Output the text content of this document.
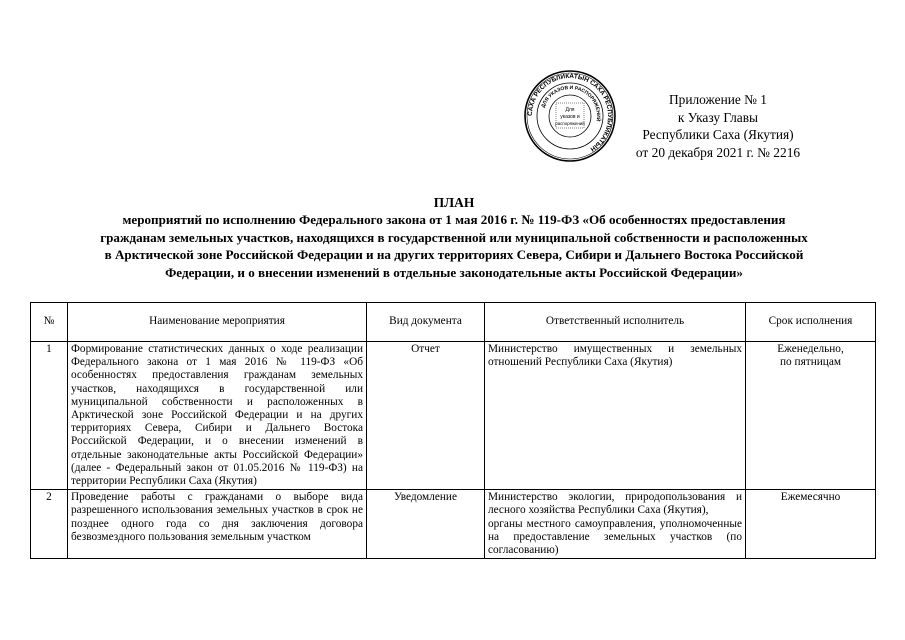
САХА РЕСПУБЛИКАТЫН САХА РЕСПУБЛИКАТЫН
ДЛЯ УКАЗОВ И РАСПОРЯЖЕНИЙ
Для
указов и
распоряжений
Приложение № 1
к Указу Главы
Республики Саха (Якутия)
от 20 декабря 2021 г. № 2216
ПЛАН
мероприятий по исполнению Федерального закона от 1 мая 2016 г. № 119-ФЗ «Об особенностях предоставления
гражданам земельных участков, находящихся в государственной или муниципальной собственности и расположенных
в Арктической зоне Российской Федерации и на других территориях Севера, Сибири и Дальнего Востока Российской
Федерации, и о внесении изменений в отдельные законодательные акты Российской Федерации»
№	Наименование мероприятия	Вид документа	Ответственный исполнитель	Срок исполнения
1	Формирование статистических данных о ходе реализации Федерального закона от 1 мая 2016 № 119-ФЗ «Об особенностях предоставления гражданам земельных участков, находящихся в государственной или муниципальной собственности и расположенных в Арктической зоне Российской Федерации и на других территориях Севера, Сибири и Дальнего Востока Российской Федерации, и о внесении изменений в отдельные законодательные акты Российской Федерации» (далее - Федеральный закон от 01.05.2016 № 119-ФЗ) на территории Республики Саха (Якутия)	Отчет	Министерство имущественных и земельных отношений Республики Саха (Якутия)	Еженедельно,
по пятницам

2	Проведение работы с гражданами о выборе вида разрешенного использования земельных участков в срок не позднее одного года со дня заключения договора безвозмездного пользования земельным участком	Уведомление	Министерство экологии, природопользования и лесного хозяйства Республики Саха (Якутия),
органы местного самоуправления, уполномоченные на предоставление земельных участков (по согласованию)	Ежемесячно
